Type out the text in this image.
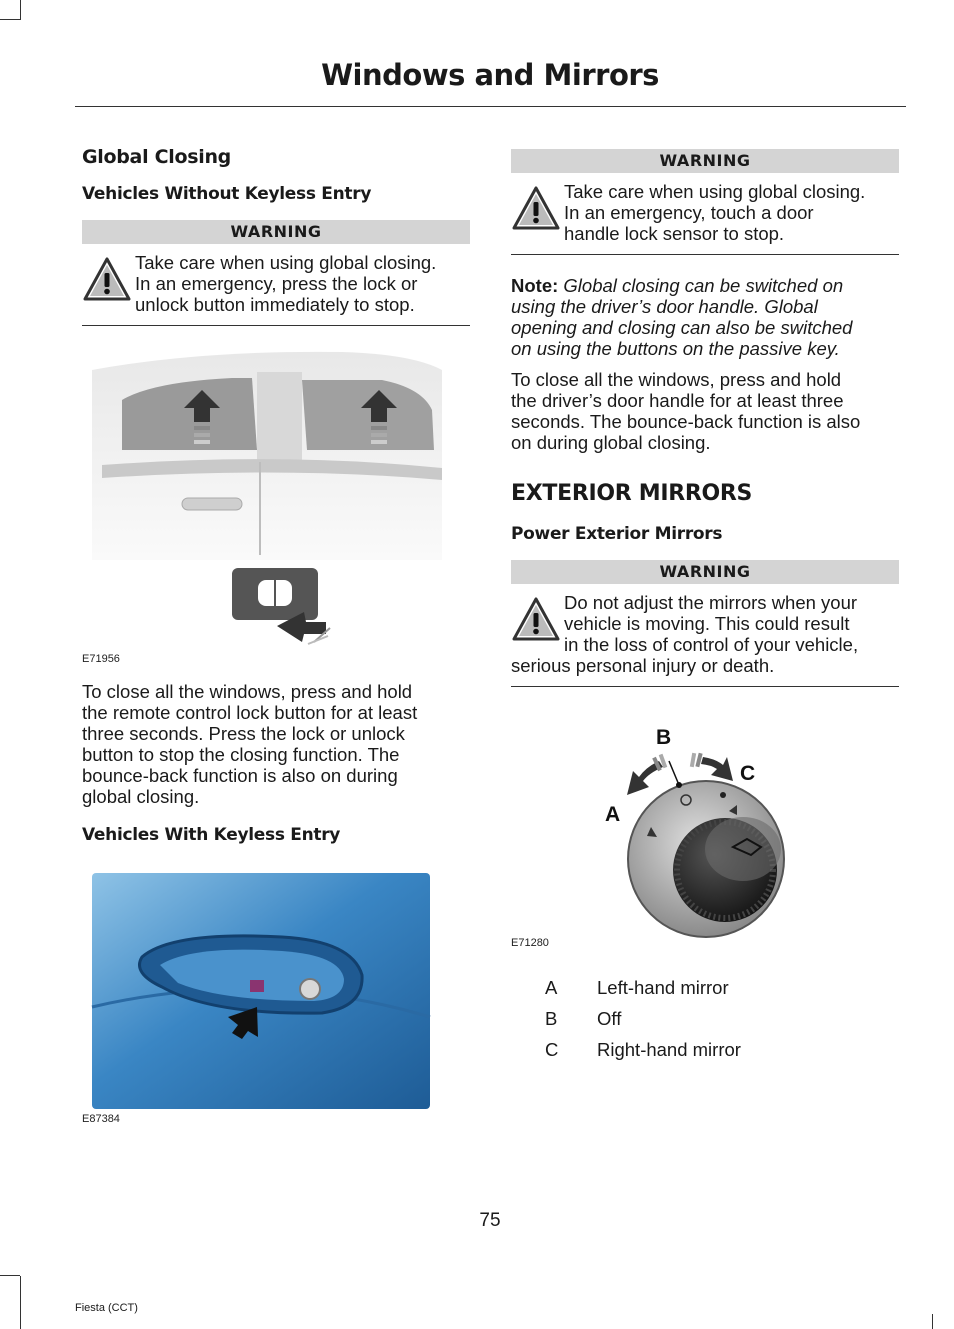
Windows and Mirrors
Global Closing
Vehicles Without Keyless Entry
WARNING
Take care when using global closing.
In an emergency, press the lock or
unlock button immediately to stop.
E71956
To close all the windows, press and hold
the remote control lock button for at least
three seconds. Press the lock or unlock
button to stop the closing function. The
bounce-back function is also on during
global closing.
Vehicles With Keyless Entry
E87384
WARNING
Take care when using global closing.
In an emergency, touch a door
handle lock sensor to stop.
Note: Global closing can be switched on
using the driver’s door handle. Global
opening and closing can also be switched
on using the buttons on the passive key.
To close all the windows, press and hold
the driver’s door handle for at least three
seconds. The bounce-back function is also
on during global closing.
EXTERIOR MIRRORS
Power Exterior Mirrors
WARNING
Do not adjust the mirrors when your
vehicle is moving. This could result
in the loss of control of your vehicle,
serious personal injury or death.
B
C
A
E71280
A	Left-hand mirror
B	Off
C	Right-hand mirror
75
Fiesta (CCT)
